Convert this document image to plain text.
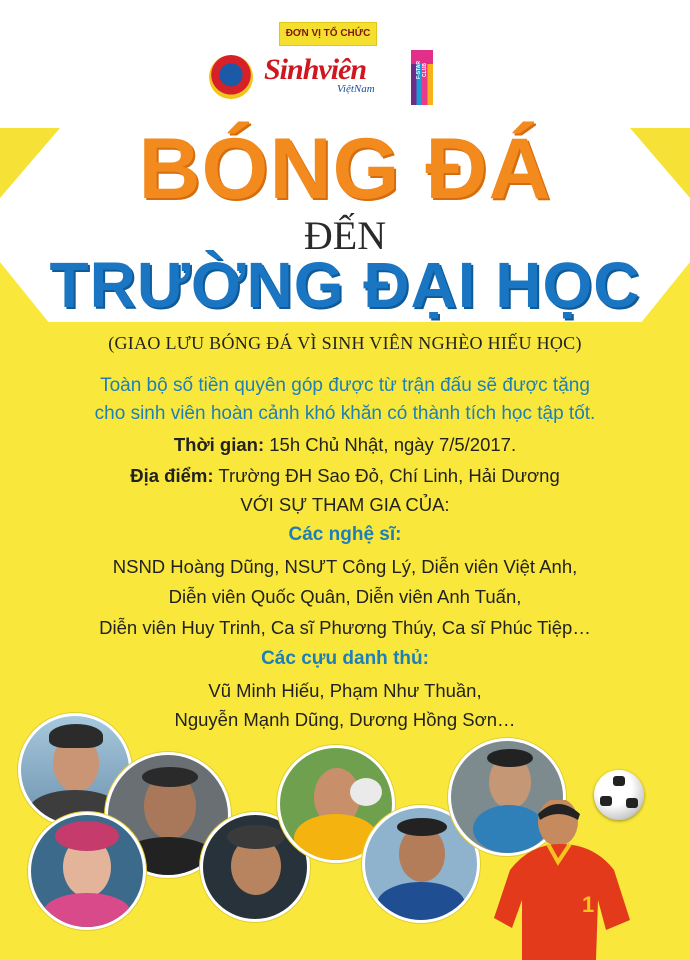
ĐƠN VỊ TỔ CHỨC
Sinhviên
ViệtNam
F-STAR CLUB
BÓNG ĐÁ
ĐẾN
TRƯỜNG ĐẠI HỌC
(GIAO LƯU BÓNG ĐÁ VÌ SINH VIÊN NGHÈO HIẾU HỌC)
Toàn bộ số tiền quyên góp được từ trận đấu sẽ được tặng
cho sinh viên hoàn cảnh khó khăn có thành tích học tập tốt.
Thời gian: 15h Chủ Nhật, ngày 7/5/2017.
Địa điểm: Trường ĐH Sao Đỏ, Chí Linh, Hải Dương
VỚI SỰ THAM GIA CỦA:
Các nghệ sĩ:
NSND Hoàng Dũng, NSƯT Công Lý, Diễn viên Việt Anh,
Diễn viên Quốc Quân, Diễn viên Anh Tuấn,
Diễn viên Huy Trinh, Ca sĩ Phương Thúy, Ca sĩ Phúc Tiệp…
Các cựu danh thủ:
Vũ Minh Hiếu, Phạm Như Thuần,
Nguyễn Mạnh Dũng, Dương Hồng Sơn…
1
